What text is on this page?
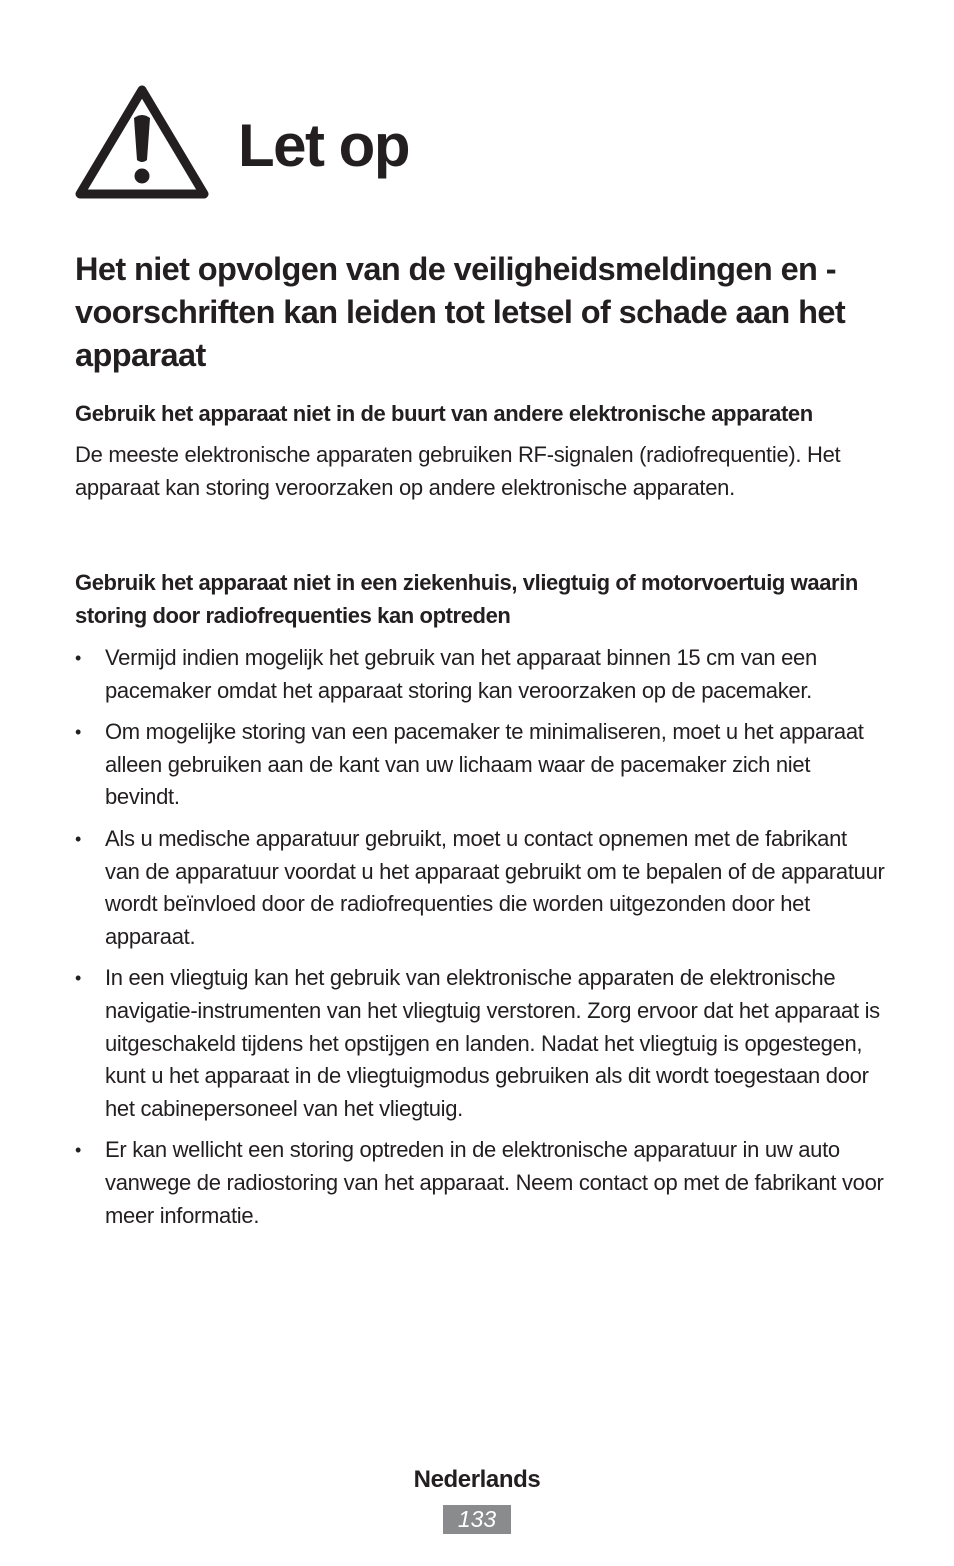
Let op
Het niet opvolgen van de veiligheidsmeldingen en -voorschriften kan leiden tot letsel of schade aan het apparaat
Gebruik het apparaat niet in de buurt van andere elektronische apparaten

De meeste elektronische apparaten gebruiken RF-signalen (radiofrequentie). Het apparaat kan storing veroorzaken op andere elektronische apparaten.

Gebruik het apparaat niet in een ziekenhuis, vliegtuig of motorvoertuig waarin storing door radiofrequenties kan optreden
• Vermijd indien mogelijk het gebruik van het apparaat binnen 15 cm van een pacemaker omdat het apparaat storing kan veroorzaken op de pacemaker.
• Om mogelijke storing van een pacemaker te minimaliseren, moet u het apparaat alleen gebruiken aan de kant van uw lichaam waar de pacemaker zich niet bevindt.
• Als u medische apparatuur gebruikt, moet u contact opnemen met de fabrikant van de apparatuur voordat u het apparaat gebruikt om te bepalen of de apparatuur wordt beïnvloed door de radiofrequenties die worden uitgezonden door het apparaat.
• In een vliegtuig kan het gebruik van elektronische apparaten de elektronische navigatie-instrumenten van het vliegtuig verstoren. Zorg ervoor dat het apparaat is uitgeschakeld tijdens het opstijgen en landen. Nadat het vliegtuig is opgestegen, kunt u het apparaat in de vliegtuigmodus gebruiken als dit wordt toegestaan door het cabinepersoneel van het vliegtuig.
• Er kan wellicht een storing optreden in de elektronische apparatuur in uw auto vanwege de radiostoring van het apparaat. Neem contact op met de fabrikant voor meer informatie.
Nederlands
133
